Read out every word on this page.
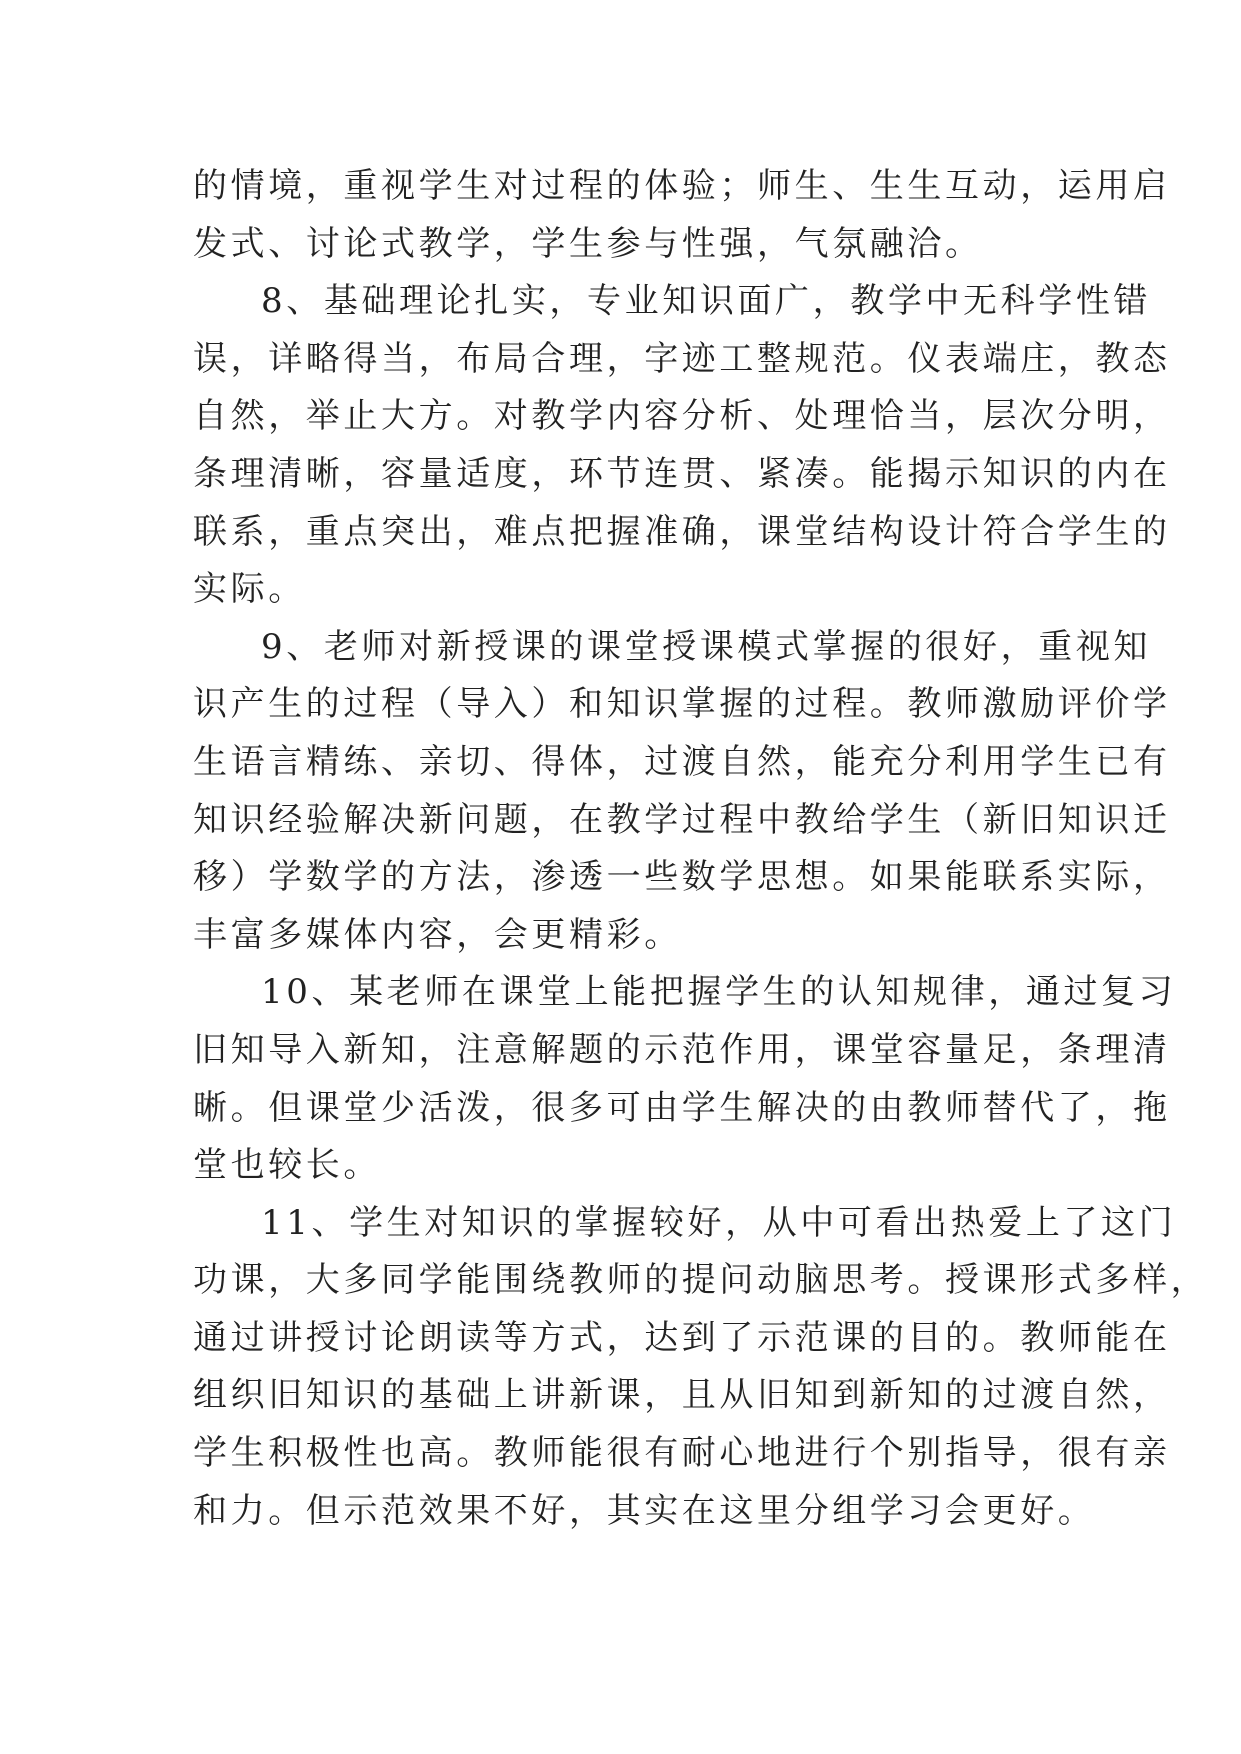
的情境，重视学生对过程的体验；师生、生生互动，运用启
发式、讨论式教学，学生参与性强，气氛融洽。
8、基础理论扎实，专业知识面广，教学中无科学性错
误，详略得当，布局合理，字迹工整规范。仪表端庄，教态
自然，举止大方。对教学内容分析、处理恰当，层次分明，
条理清晰，容量适度，环节连贯、紧凑。能揭示知识的内在
联系，重点突出，难点把握准确，课堂结构设计符合学生的
实际。
9、老师对新授课的课堂授课模式掌握的很好，重视知
识产生的过程（导入）和知识掌握的过程。教师激励评价学
生语言精练、亲切、得体，过渡自然，能充分利用学生已有
知识经验解决新问题，在教学过程中教给学生（新旧知识迁
移）学数学的方法，渗透一些数学思想。如果能联系实际，
丰富多媒体内容，会更精彩。
10、某老师在课堂上能把握学生的认知规律，通过复习
旧知导入新知，注意解题的示范作用，课堂容量足，条理清
晰。但课堂少活泼，很多可由学生解决的由教师替代了，拖
堂也较长。
11、学生对知识的掌握较好，从中可看出热爱上了这门
功课，大多同学能围绕教师的提问动脑思考。授课形式多样，
通过讲授讨论朗读等方式，达到了示范课的目的。教师能在
组织旧知识的基础上讲新课，且从旧知到新知的过渡自然，
学生积极性也高。教师能很有耐心地进行个别指导，很有亲
和力。但示范效果不好，其实在这里分组学习会更好。
